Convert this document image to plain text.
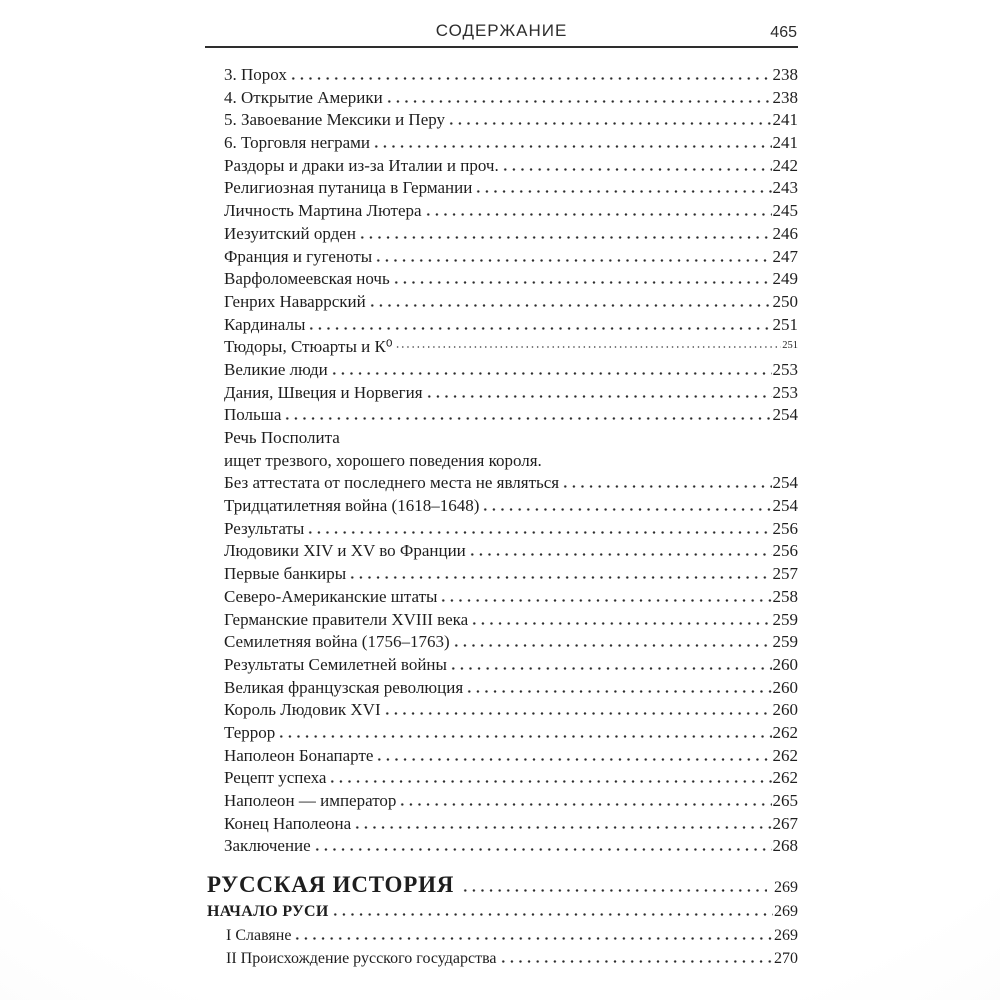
СОДЕРЖАНИЕ	465
3. Порох	238
4. Открытие Америки	238
5. Завоевание Мексики и Перу	241
6. Торговля неграми	241
Раздоры и драки из-за Италии и проч.	242
Религиозная путаница в Германии	243
Личность Мартина Лютера	245
Иезуитский орден	246
Франция и гугеноты	247
Варфоломеевская ночь	249
Генрих Наваррский	250
Кардиналы	251
Тюдоры, Стюарты и К⁰	251
Великие люди	253
Дания, Швеция и Норвегия	253
Польша	254
Речь Посполита
ищет трезвого, хорошего поведения короля.
Без аттестата от последнего места не являться	254
Тридцатилетняя война (1618–1648)	254
Результаты	256
Людовики XIV и XV во Франции	256
Первые банкиры	257
Северо-Американские штаты	258
Германские правители XVIII века	259
Семилетняя война (1756–1763)	259
Результаты Семилетней войны	260
Великая французская революция	260
Король Людовик XVI	260
Террор	262
Наполеон Бонапарте	262
Рецепт успеха	262
Наполеон — император	265
Конец Наполеона	267
Заключение	268
РУССКАЯ ИСТОРИЯ	269
НАЧАЛО РУСИ	269
I Славяне	269
II Происхождение русского государства	270
